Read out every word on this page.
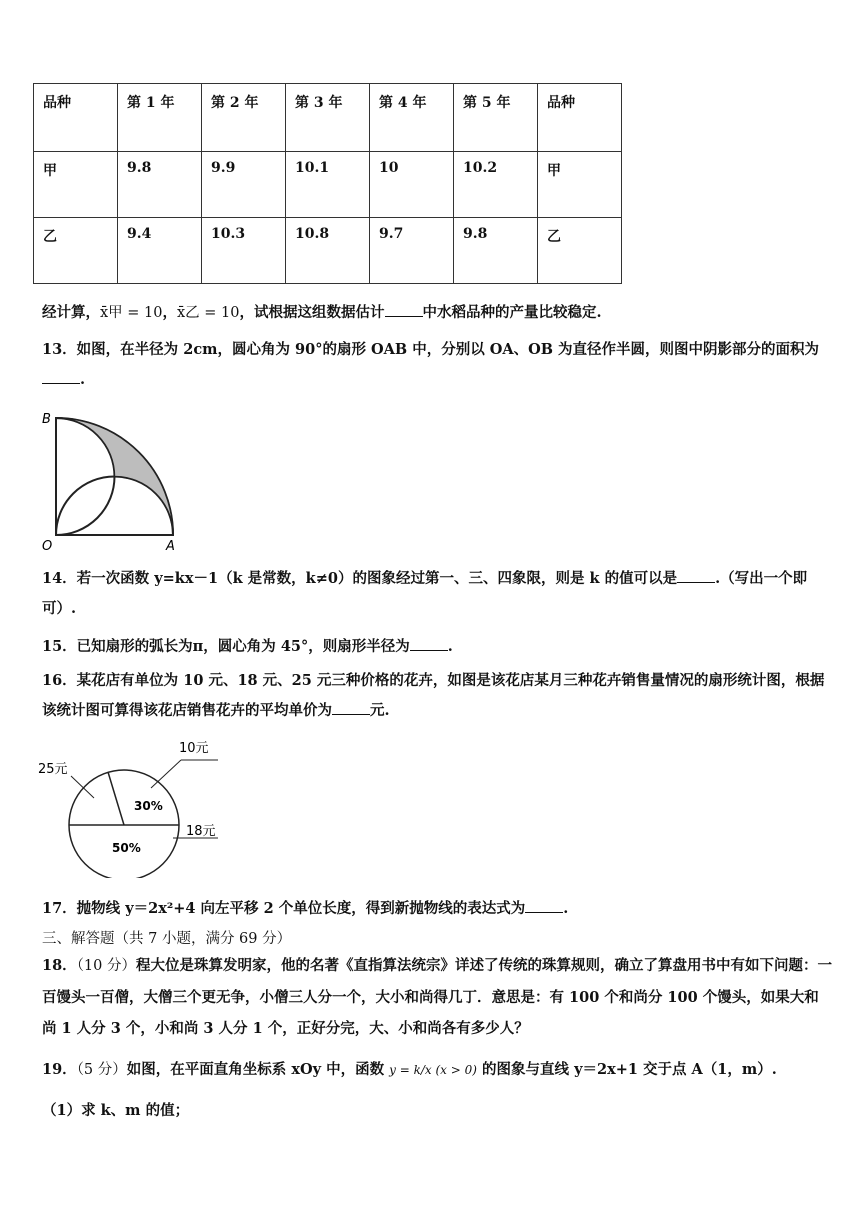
品种	第 1 年	第 2 年	第 3 年	第 4 年	第 5 年	品种
甲	9.8	9.9	10.1	10	10.2	甲
乙	9.4	10.3	10.8	9.7	9.8	乙
经计算，x̄甲 = 10，x̄乙 = 10，试根据这组数据估计	中水稻品种的产量比较稳定.
13．如图，在半径为 2cm，圆心角为 90°的扇形 OAB 中，分别以 OA、OB 为直径作半圆，则图中阴影部分的面积为
.
B
O	A
14．若一次函数 y=kx－1（k 是常数，k≠0）的图象经过第一、三、四象限，则是 k 的值可以是	.（写出一个即可）.
15．已知扇形的弧长为π，圆心角为 45°，则扇形半径为	.
16．某花店有单位为 10 元、18 元、25 元三种价格的花卉，如图是该花店某月三种花卉销售量情况的扇形统计图，根据该统计图可算得该花店销售花卉的平均单价为	元.
10元
25元
18元
30%
50%
17．抛物线 y＝2x²+4 向左平移 2 个单位长度，得到新抛物线的表达式为	.
三、解答题（共 7 小题，满分 69 分）
18．（10 分）程大位是珠算发明家，他的名著《直指算法统宗》详述了传统的珠算规则，确立了算盘用书中有如下问题：一百馒头一百僧，大僧三个更无争，小僧三人分一个，大小和尚得几丁．意思是：有 100 个和尚分 100 个馒头，如果大和尚 1 人分 3 个，小和尚 3 人分 1 个，正好分完，大、小和尚各有多少人？
19．（5 分）如图，在平面直角坐标系 xOy 中，函数 y = k/x (x > 0) 的图象与直线 y＝2x+1 交于点 A（1，m）.
（1）求 k、m 的值；
